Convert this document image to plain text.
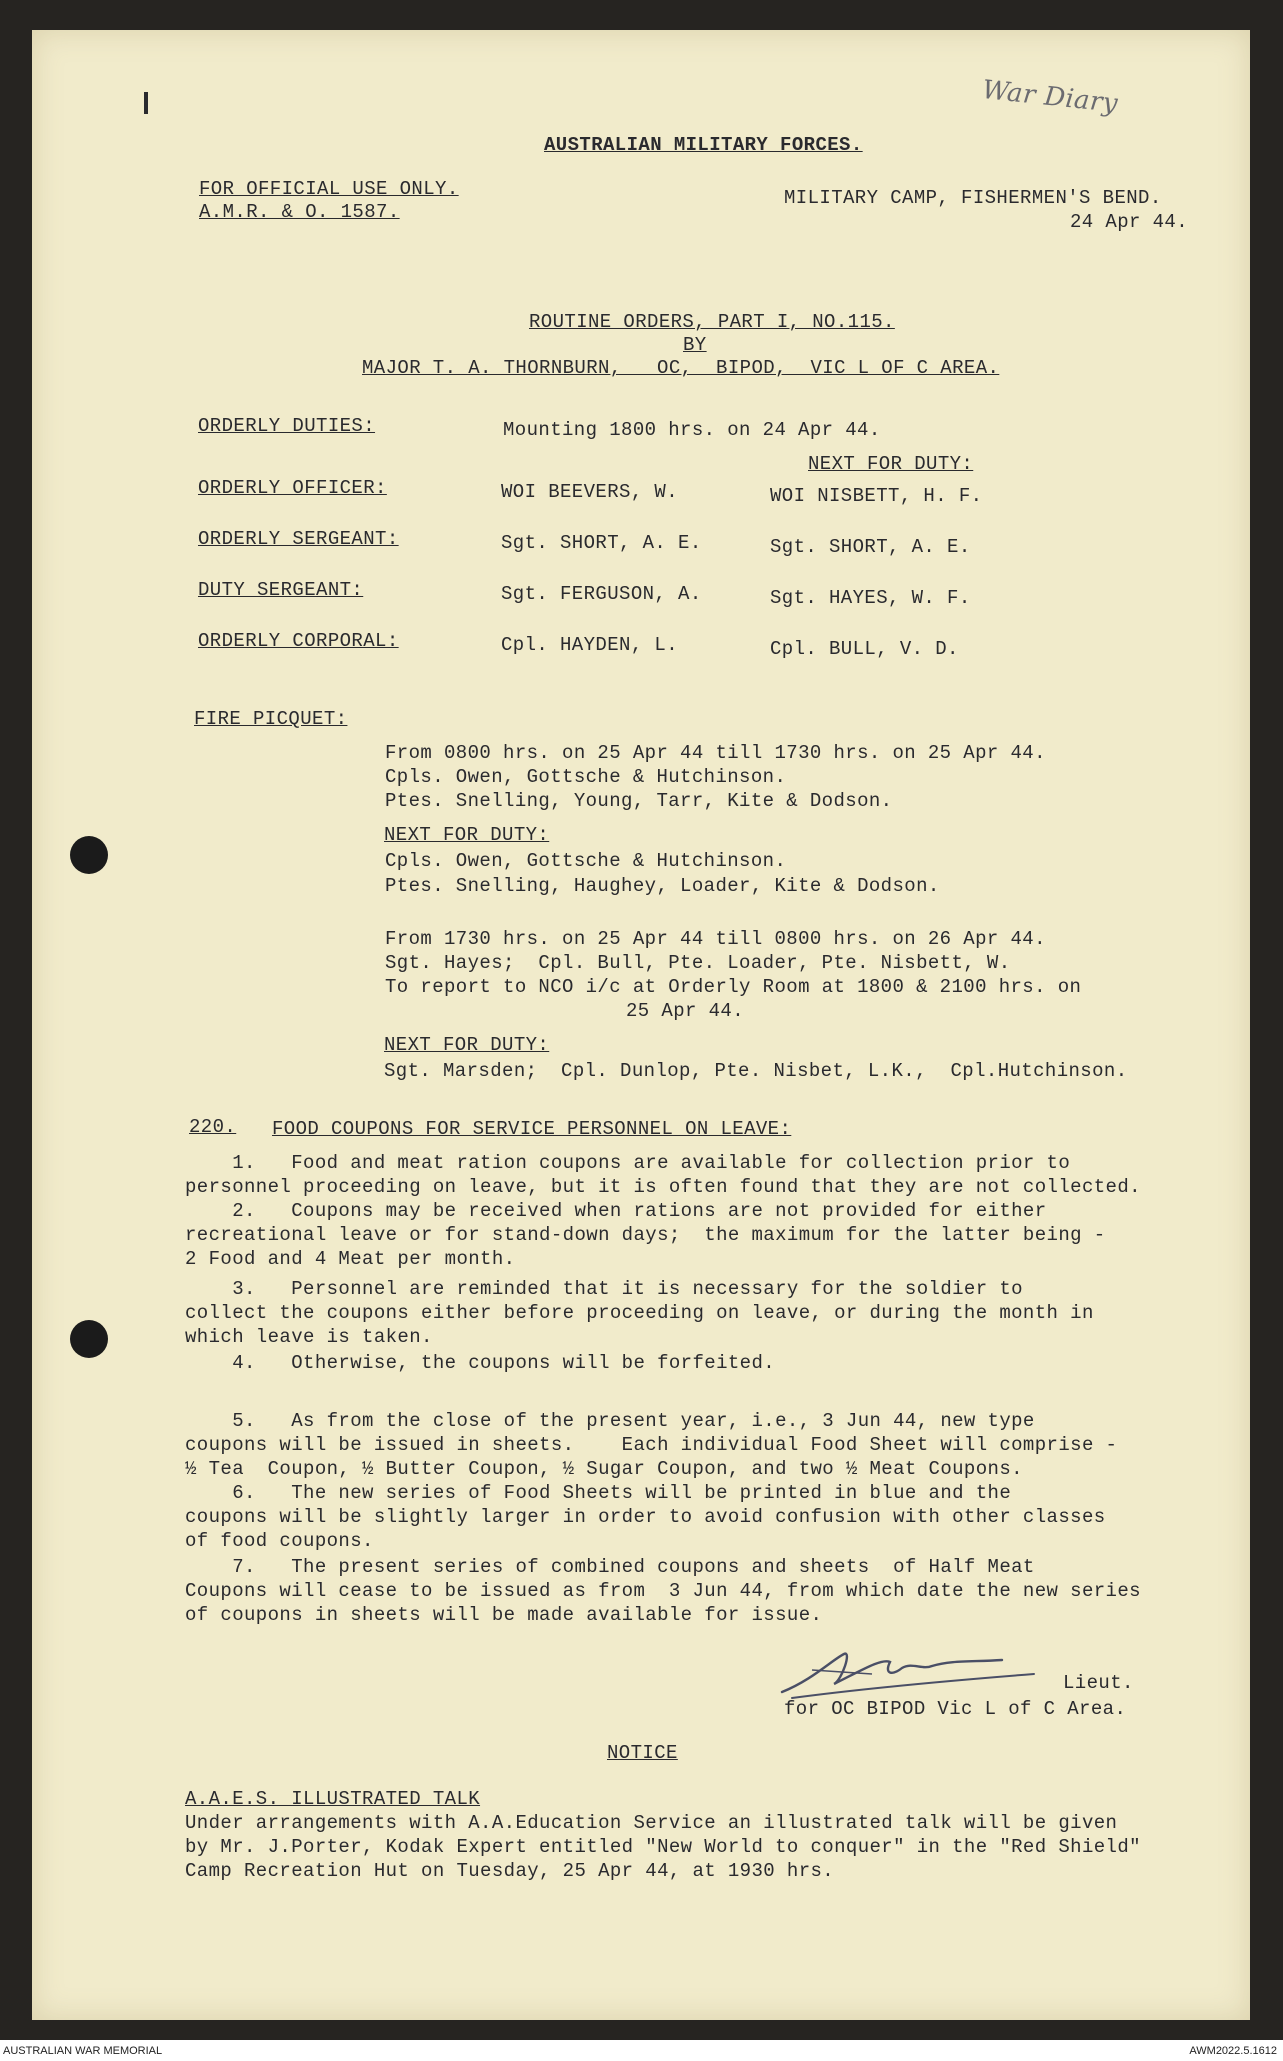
War Diary
AUSTRALIAN MILITARY FORCES.
FOR OFFICIAL USE ONLY.
A.M.R. & O. 1587.
MILITARY CAMP, FISHERMEN'S BEND.
24 Apr 44.
ROUTINE ORDERS, PART I, NO.115.
BY
MAJOR T. A. THORNBURN,   OC,  BIPOD,  VIC L OF C AREA.
ORDERLY DUTIES:	Mounting 1800 hrs. on 24 Apr 44.
NEXT FOR DUTY:
ORDERLY OFFICER:	WOI BEEVERS, W.	WOI NISBETT, H. F.
ORDERLY SERGEANT:	Sgt. SHORT, A. E.	Sgt. SHORT, A. E.
DUTY SERGEANT:	Sgt. FERGUSON, A.	Sgt. HAYES, W. F.
ORDERLY CORPORAL:	Cpl. HAYDEN, L.	Cpl. BULL, V. D.
FIRE PICQUET:
From 0800 hrs. on 25 Apr 44 till 1730 hrs. on 25 Apr 44.
Cpls. Owen, Gottsche & Hutchinson.
Ptes. Snelling, Young, Tarr, Kite & Dodson.
NEXT FOR DUTY:
Cpls. Owen, Gottsche & Hutchinson.
Ptes. Snelling, Haughey, Loader, Kite & Dodson.
From 1730 hrs. on 25 Apr 44 till 0800 hrs. on 26 Apr 44.
Sgt. Hayes;  Cpl. Bull, Pte. Loader, Pte. Nisbett, W.
To report to NCO i/c at Orderly Room at 1800 & 2100 hrs. on
25 Apr 44.
NEXT FOR DUTY:
Sgt. Marsden;  Cpl. Dunlop, Pte. Nisbet, L.K.,  Cpl.Hutchinson.
220. FOOD COUPONS FOR SERVICE PERSONNEL ON LEAVE:
1.   Food and meat ration coupons are available for collection prior to
personnel proceeding on leave, but it is often found that they are not collected.
2.   Coupons may be received when rations are not provided for either
recreational leave or for stand-down days;  the maximum for the latter being -
2 Food and 4 Meat per month.
3.   Personnel are reminded that it is necessary for the soldier to
collect the coupons either before proceeding on leave, or during the month in
which leave is taken.
4.   Otherwise, the coupons will be forfeited.
5.   As from the close of the present year, i.e., 3 Jun 44, new type
coupons will be issued in sheets.    Each individual Food Sheet will comprise -
½ Tea  Coupon, ½ Butter Coupon, ½ Sugar Coupon, and two ½ Meat Coupons.
6.   The new series of Food Sheets will be printed in blue and the
coupons will be slightly larger in order to avoid confusion with other classes
of food coupons.
7.   The present series of combined coupons and sheets  of Half Meat
Coupons will cease to be issued as from  3 Jun 44, from which date the new series
of coupons in sheets will be made available for issue.
Lieut.
for OC BIPOD Vic L of C Area.
NOTICE
A.A.E.S. ILLUSTRATED TALK
Under arrangements with A.A.Education Service an illustrated talk will be given
by Mr. J.Porter, Kodak Expert entitled "New World to conquer" in the "Red Shield"
Camp Recreation Hut on Tuesday, 25 Apr 44, at 1930 hrs.
AUSTRALIAN WAR MEMORIAL	AWM2022.5.1612
